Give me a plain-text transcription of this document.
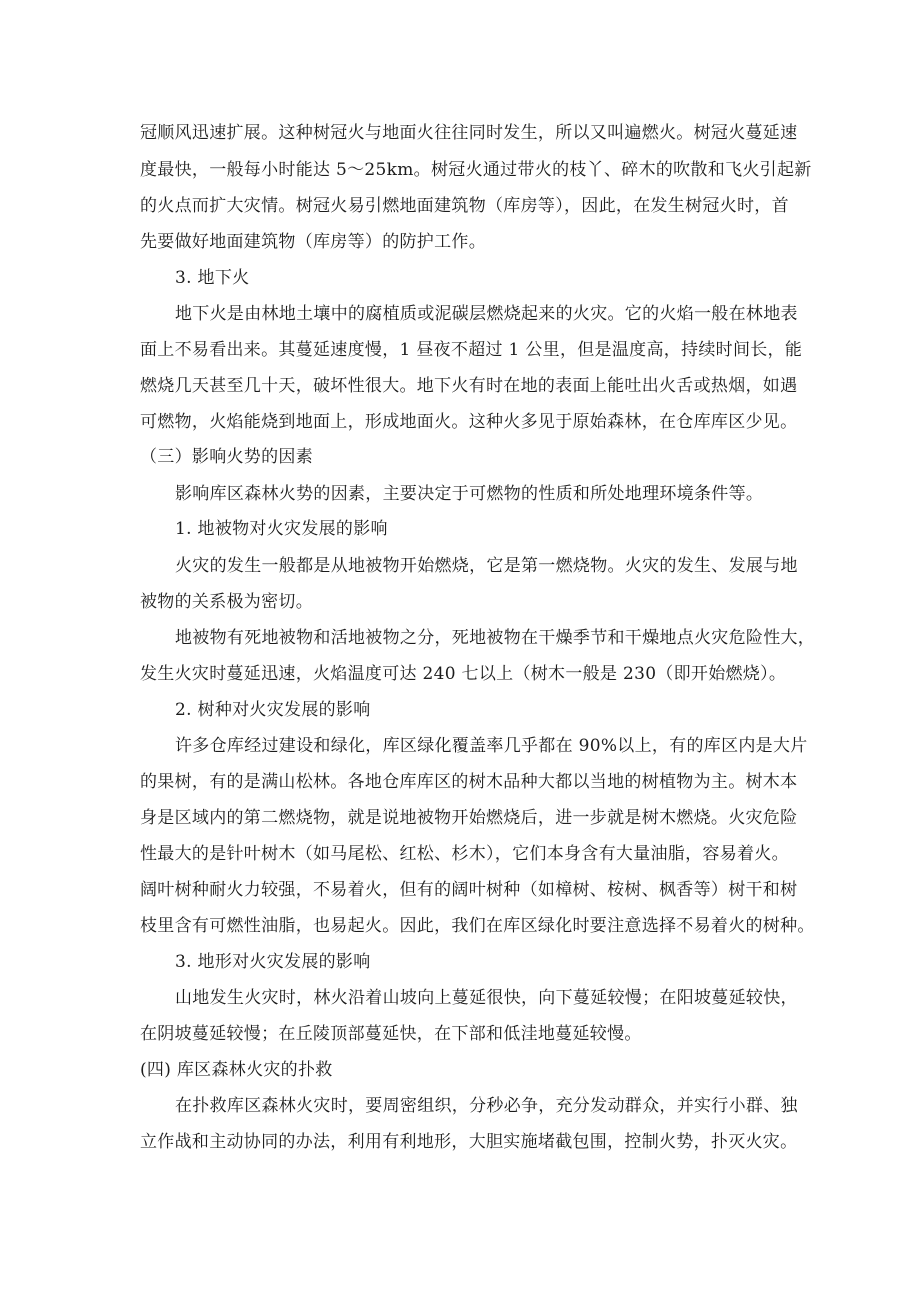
冠顺风迅速扩展。这种树冠火与地面火往往同时发生，所以又叫遍燃火。树冠火蔓延速
度最快，一般每小时能达 5～25km。树冠火通过带火的枝丫、碎木的吹散和飞火引起新
的火点而扩大灾情。树冠火易引燃地面建筑物（库房等），因此，在发生树冠火时，首
先要做好地面建筑物（库房等）的防护工作。
3. 地下火
地下火是由林地土壤中的腐植质或泥碳层燃烧起来的火灾。它的火焰一般在林地表
面上不易看出来。其蔓延速度慢，1 昼夜不超过 1 公里，但是温度高，持续时间长，能
燃烧几天甚至几十天，破坏性很大。地下火有时在地的表面上能吐出火舌或热烟，如遇
可燃物，火焰能烧到地面上，形成地面火。这种火多见于原始森林，在仓库库区少见。
（三）影响火势的因素
影响库区森林火势的因素，主要决定于可燃物的性质和所处地理环境条件等。
1. 地被物对火灾发展的影响
火灾的发生一般都是从地被物开始燃烧，它是第一燃烧物。火灾的发生、发展与地
被物的关系极为密切。
地被物有死地被物和活地被物之分，死地被物在干燥季节和干燥地点火灾危险性大，
发生火灾时蔓延迅速，火焰温度可达 240 七以上（树木一般是 230（即开始燃烧）。
2. 树种对火灾发展的影响
许多仓库经过建设和绿化，库区绿化覆盖率几乎都在 90%以上，有的库区内是大片
的果树，有的是满山松林。各地仓库库区的树木品种大都以当地的树植物为主。树木本
身是区域内的第二燃烧物，就是说地被物开始燃烧后，进一步就是树木燃烧。火灾危险
性最大的是针叶树木（如马尾松、红松、杉木），它们本身含有大量油脂，容易着火。
阔叶树种耐火力较强，不易着火，但有的阔叶树种（如樟树、桉树、枫香等）树干和树
枝里含有可燃性油脂，也易起火。因此，我们在库区绿化时要注意选择不易着火的树种。
3. 地形对火灾发展的影响
山地发生火灾时，林火沿着山坡向上蔓延很快，向下蔓延较慢；在阳坡蔓延较快，
在阴坡蔓延较慢；在丘陵顶部蔓延快，在下部和低洼地蔓延较慢。
(四) 库区森林火灾的扑救
在扑救库区森林火灾时，要周密组织，分秒必争，充分发动群众，并实行小群、独
立作战和主动协同的办法，利用有利地形，大胆实施堵截包围，控制火势，扑灭火灾。
